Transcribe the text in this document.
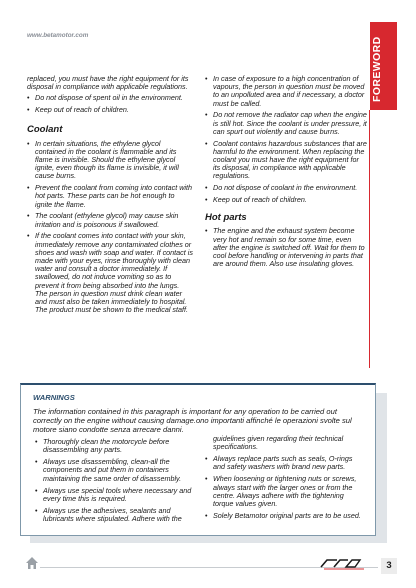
www.betamotor.com
FOREWORD

replaced, you must have the right equipment for its disposal in compliance with applicable regulations.

• Do not dispose of spent oil in the environment.
• Keep out of reach of children.
Coolant
• In certain situations, the ethylene glycol contained in the coolant is flammable and its flame is invisible. Should the ethylene glycol ignite, even though its flame is invisible, it will cause burns.
• Prevent the coolant from coming into contact with hot parts. These parts can be hot enough to ignite the flame.
• The coolant (ethylene glycol) may cause skin irritation and is poisonous if swallowed.
• If the coolant comes into contact with your skin, immediately remove any contaminated clothes or shoes and wash with soap and water. If contact is made with your eyes, rinse thoroughly with clean water and consult a doctor immediately. If swallowed, do not induce vomiting so as to prevent it from being absorbed into the lungs. The person in question must drink clean water and must also be taken immediately to hospital. The product must be shown to the medical staff.
• In case of exposure to a high concentration of vapours, the person in question must be moved to an unpolluted area and if necessary, a doctor must be called.
• Do not remove the radiator cap when the engine is still hot. Since the coolant is under pressure, it can spurt out violently and cause burns.
• Coolant contains hazardous substances that are harmful to the environment. When replacing the coolant you must have the right equipment for its disposal, in compliance with applicable regulations.
• Do not dispose of coolant in the environment.
• Keep out of reach of children.
Hot parts
• The engine and the exhaust system become very hot and remain so for some time, even after the engine is switched off. Wait for them to cool before handling or intervening in parts that are around them. Also use insulating gloves.
WARNINGS
The information contained in this paragraph is important for any operation to be carried out correctly on the engine without causing damage.ono importanti affinché le operazioni svolte sul motore siano condotte senza arrecare danni.
• Thoroughly clean the motorcycle before disassembling any parts.
• Always use disassembling, clean-all the components and put them in containers maintaining the same order of disassembly.
• Always use special tools where necessary and every time this is required.
• Always use the adhesives, sealants and lubricants where stipulated. Adhere with the
guidelines given regarding their technical specifications.
• Always replace parts such as seals, O-rings and safety washers with brand new parts.
• When loosening or tightening nuts or screws, always start with the larger ones or from the centre. Always adhere with the tightening torque values given.
• Solely Betamotor original parts are to be used.
3
